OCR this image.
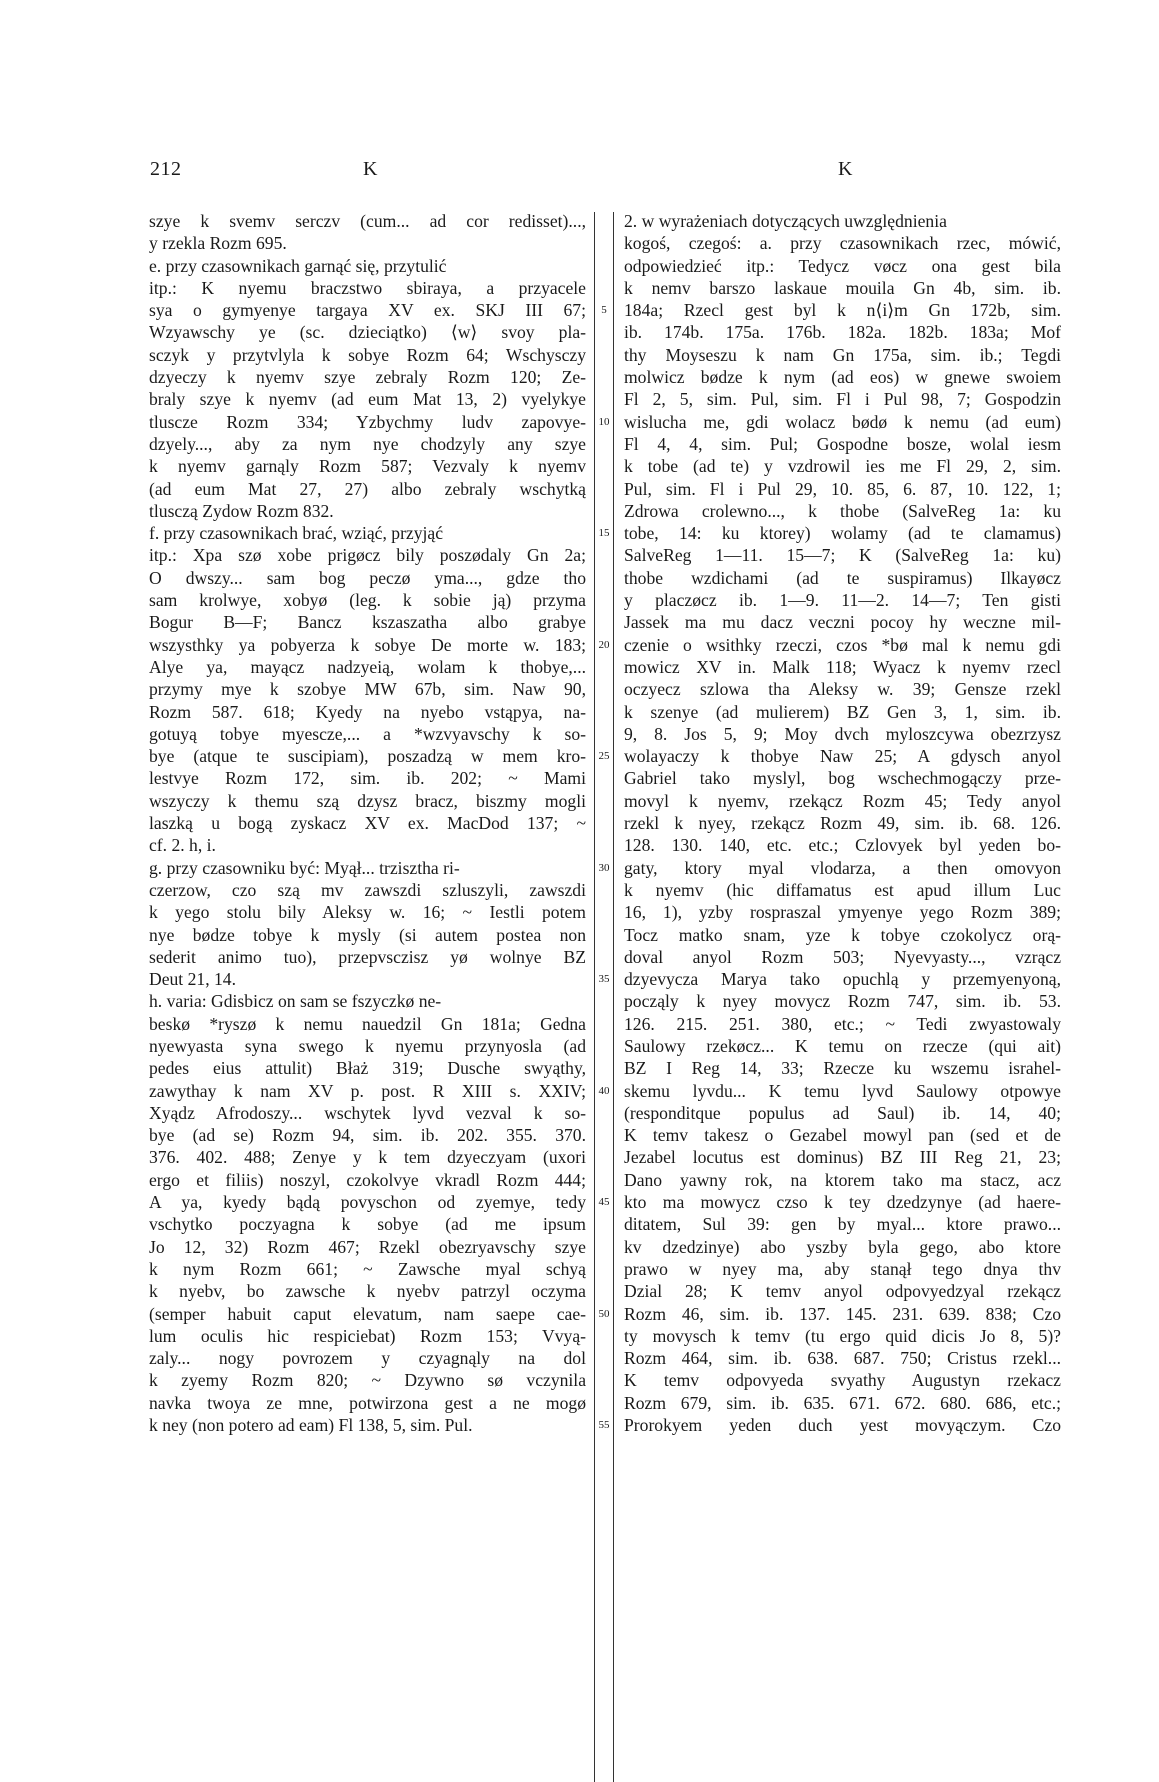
212	K	K
szye k svemv serczv (cum... ad cor redisset)...,
y rzekla Rozm 695.
e. przy czasownikach garnąć się, przytulić
itp.: K nyemu braczstwo sbiraya, a przyacele
sya o gymyenye targaya XV ex. SKJ III 67;
Wzyawschy ye (sc. dzieciątko) ⟨w⟩ svoy pla-
sczyk y przytvlyla k sobye Rozm 64; Wschysczy
dzyeczy k nyemv szye zebraly Rozm 120; Ze-
braly szye k nyemv (ad eum Mat 13, 2) vyelykye
tlusczе Rozm 334; Yzbychmy ludv zapovye-
dzyely..., aby za nym nye chodzyly any szye
k nyemv garnąly Rozm 587; Vezvaly k nyemv
(ad eum Mat 27, 27) albo zebraly wschytką
tlusczą Zydow Rozm 832.
f. przy czasownikach brać, wziąć, przyjąć
itp.: Xpa szø xobe prigøcz bily poszødaly Gn 2a;
O dwszy... sam bog peczø yma..., gdze tho
sam krolwye, xobyø (leg. k sobie ją) przyma
Bogur B—F; Bancz kszaszatha albo grabye
wszysthky ya pobyerza k sobye De morte w. 183;
Alye ya, mayącz nadzyeią, wolam k thobye,...
przymy mye k szobye MW 67b, sim. Naw 90,
Rozm 587. 618; Kyedy na nyebo vstąpya, na-
gotuyą tobye myescze,... a *wzvyavschy k so-
bye (atque te suscipiam), poszadzą w mem kro-
lestvye Rozm 172, sim. ib. 202; ~ Mami
wszyczy k themu szą dzysz bracz, biszmy mogli
laszką u bogą zyskacz XV ex. MacDod 137; ~
cf. 2. h, i.
g. przy czasowniku być: Myął... trzisztha ri-
czerzow, czo szą mv zawszdi szluszyli, zawszdi
k yego stolu bily Aleksy w. 16; ~ Iestli potem
nye bødze tobye k mysly (si autem postea non
sederit animo tuo), przepvsczisz yø wolnye BZ
Deut 21, 14.
h. varia: Gdisbicz on sam se fszyczkø ne-
beskø *ryszø k nemu nauedzil Gn 181a; Gedna
nyewyasta syna swego k nyemu przynyosla (ad
pedes eius attulit) Błaż 319; Dusche swyąthy,
zawythay k nam XV p. post. R XIII s. XXIV;
Xyądz Afrodoszy... wschytek lyvd vezval k so-
bye (ad se) Rozm 94, sim. ib. 202. 355. 370.
376. 402. 488; Zenye y k tem dzyeczyam (uxori
ergo et filiis) noszyl, czokolvye vkradl Rozm 444;
A ya, kyedy bądą povyschon od zyemye, tedy
vschytko poczyagna k sobye (ad me ipsum
Jo 12, 32) Rozm 467; Rzekl obezryavschy szye
k nym Rozm 661; ~ Zawsche myal schyą
k nyebv, bo zawsche k nyebv patrzyl oczyma
(semper habuit caput elevatum, nam saepe cae-
lum oculis hic respiciebat) Rozm 153; Vvyą-
zaly... nogy povrozem y czyagnąly na dol
k zyemy Rozm 820; ~ Dzywno sø vczynila
navka twoya ze mne, potwirzona gest a ne mogø
k ney (non potero ad eam) Fl 138, 5, sim. Pul.
5
10
15
20
25
30
35
40
45
50
55
2. w wyrażeniach dotyczących uwzględnienia
kogoś, czegoś: a. przy czasownikach rzec, mówić,
odpowiedzieć itp.: Tedycz vøcz ona gest bila
k nemv barszo laskaue mouila Gn 4b, sim. ib.
184a; Rzecl gest byl k n⟨i⟩m Gn 172b, sim.
ib. 174b. 175a. 176b. 182a. 182b. 183a; Mof
thy Moyseszu k nam Gn 175a, sim. ib.; Tegdi
molwicz bødze k nym (ad eos) w gnewe swoiem
Fl 2, 5, sim. Pul, sim. Fl i Pul 98, 7; Gospodzin
wislucha me, gdi wolacz bødø k nemu (ad eum)
Fl 4, 4, sim. Pul; Gospodne bosze, wolal iesm
k tobe (ad te) y vzdrowil ies me Fl 29, 2, sim.
Pul, sim. Fl i Pul 29, 10. 85, 6. 87, 10. 122, 1;
Zdrowa crolewno..., k thobe (SalveReg 1a: ku
tobe, 14: ku ktorey) wolamy (ad te clamamus)
SalveReg 1—11. 15—7; K (SalveReg 1a: ku)
thobe wzdichami (ad te suspiramus) Ilkayøcz
y placzøcz ib. 1—9. 11—2. 14—7; Ten gisti
Jassek ma mu dacz veczni pocoy hy weczne mil-
czenie o wsithky rzeczi, czos *bø mal k nemu gdi
mowicz XV in. Malk 118; Wyacz k nyemv rzecl
oczyecz szlowa tha Aleksy w. 39; Gensze rzekl
k szenye (ad mulierem) BZ Gen 3, 1, sim. ib.
9, 8. Jos 5, 9; Moy dvch myloszcywa obezrzysz
wolayaczy k thobye Naw 25; A gdysch anyol
Gabriel tako myslyl, bog wschechmogączy prze-
movyl k nyemv, rzekącz Rozm 45; Tedy anyol
rzekl k nyey, rzekącz Rozm 49, sim. ib. 68. 126.
128. 130. 140, etc. etc.; Czlovyek byl yeden bo-
gaty, ktory myal vlodarza, a then omovyon
k nyemv (hic diffamatus est apud illum Luc
16, 1), yzby rospraszal ymyenye yego Rozm 389;
Tocz matko snam, yze k tobye czokolycz orą-
doval anyol Rozm 503; Nyevyasty..., vzrącz
dzyevycza Marya tako opuchlą y przemyenyoną,
począly k nyey movycz Rozm 747, sim. ib. 53.
126. 215. 251. 380, etc.; ~ Tedi zwyastowaly
Saulowy rzekøcz... K temu on rzecze (qui ait)
BZ I Reg 14, 33; Rzecze ku wszemu israhel-
skemu lyvdu... K temu lyvd Saulowy otpowye
(responditque populus ad Saul) ib. 14, 40;
K temv takesz o Gezabel mowyl pan (sed et de
Jezabel locutus est dominus) BZ III Reg 21, 23;
Dano yawny rok, na ktorem tako ma stacz, acz
kto ma mowycz czso k tey dzedzynye (ad haere-
ditatem, Sul 39: gen by myal... ktore prawo...
kv dzedzinye) abo yszby byla gego, abo ktore
prawo w nyey ma, aby stanął tego dnya thv
Dzial 28; K temv anyol odpovyedzyal rzekącz
Rozm 46, sim. ib. 137. 145. 231. 639. 838; Czo
ty movysch k temv (tu ergo quid dicis Jo 8, 5)?
Rozm 464, sim. ib. 638. 687. 750; Cristus rzekl...
K temv odpovyeda svyathy Augustyn rzekacz
Rozm 679, sim. ib. 635. 671. 672. 680. 686, etc.;
Prorokyem yeden duch yest movyączym. Czo
